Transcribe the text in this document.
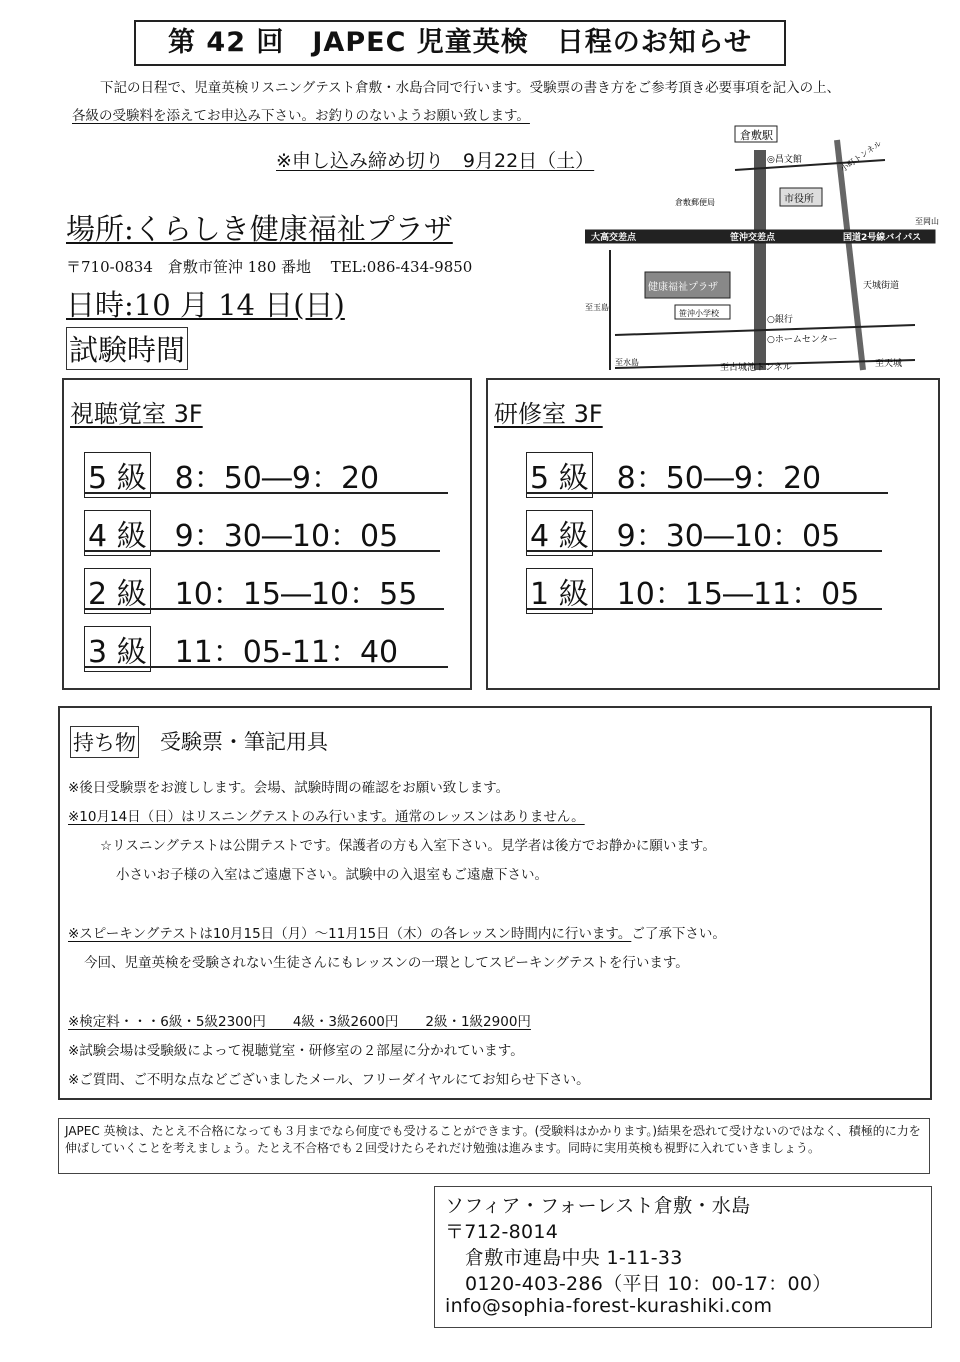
第 42 回　JAPEC 児童英検　日程のお知らせ
下記の日程で、児童英検リスニングテスト倉敷・水島合同で行います。受験票の書き方をご参考頂き必要事項を記入の上、
各級の受験料を添えてお申込み下さい。お釣りのないようお願い致します。
※申し込み締め切り　9月22日（土）
場所:くらしき健康福祉プラザ
〒710-0834　倉敷市笹沖 180 番地　 TEL:086-434-9850
日時:10 月 14 日(日)
試験時間
倉敷駅
◎昌文館	小町トンネル
市役所
倉敷郵便局
大高交差点	笹沖交差点	国道2号線バイパス
健康福祉プラザ
笹沖小学校
○銀行
○ホームセンター
天城街道
至玉島
至水島
至古城池トンネル	至天城
至岡山
視聴覚室 3F
5 級 8：50―9：20
4 級 9：30―10：05
2 級 10：15―10：55
3 級 11：05-11：40
研修室 3F
5 級 8：50―9：20
4 級 9：30―10：05
1 級 10：15―11：05
持ち物 受験票・筆記用具
※後日受験票をお渡しします。会場、試験時間の確認をお願い致します。
※10月14日（日）はリスニングテストのみ行います。通常のレッスンはありません。
☆リスニングテストは公開テストです。保護者の方も入室下さい。見学者は後方でお静かに願います。
小さいお子様の入室はご遠慮下さい。試験中の入退室もご遠慮下さい。
※スピーキングテストは10月15日（月）～11月15日（木）の各レッスン時間内に行います。ご了承下さい。
今回、児童英検を受験されない生徒さんにもレッスンの一環としてスピーキングテストを行います。
※検定料・・・6級・5級2300円　　4級・3級2600円　　2級・1級2900円
※試験会場は受験級によって視聴覚室・研修室の２部屋に分かれています。
※ご質問、ご不明な点などございましたメール、フリーダイヤルにてお知らせ下さい。
JAPEC 英検は、たとえ不合格になっても３月までなら何度でも受けることができます。(受験料はかかります。)結果を恐れて受けないのではなく、積極的に力を伸ばしていくことを考えましょう。たとえ不合格でも２回受けたらそれだけ勉強は進みます。同時に実用英検も視野に入れていきましょう。
ソフィア・フォーレスト倉敷・水島
〒712-8014
倉敷市連島中央 1-11-33
0120-403-286（平日 10：00-17：00）
info@sophia-forest-kurashiki.com
